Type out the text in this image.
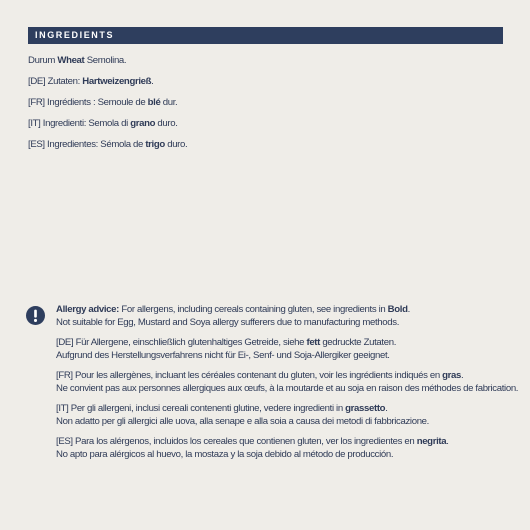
INGREDIENTS
Durum Wheat Semolina.
[DE] Zutaten: Hartweizengrieß.
[FR] Ingrédients : Semoule de blé dur.
[IT] Ingredienti: Semola di grano duro.
[ES] Ingredientes: Sémola de trigo duro.
Allergy advice: For allergens, including cereals containing gluten, see ingredients in Bold.
Not suitable for Egg, Mustard and Soya allergy sufferers due to manufacturing methods.
[DE] Für Allergene, einschließlich glutenhaltiges Getreide, siehe fett gedruckte Zutaten.
Aufgrund des Herstellungsverfahrens nicht für Ei-, Senf- und Soja-Allergiker geeignet.
[FR] Pour les allergènes, incluant les céréales contenant du gluten, voir les ingrédients indiqués en gras.
Ne convient pas aux personnes allergiques aux œufs, à la moutarde et au soja en raison des méthodes de fabrication.
[IT] Per gli allergeni, inclusi cereali contenenti glutine, vedere ingredienti in grassetto.
Non adatto per gli allergici alle uova, alla senape e alla soia a causa dei metodi di fabbricazione.
[ES] Para los alérgenos, incluidos los cereales que contienen gluten, ver los ingredientes en negrita.
No apto para alérgicos al huevo, la mostaza y la soja debido al método de producción.
